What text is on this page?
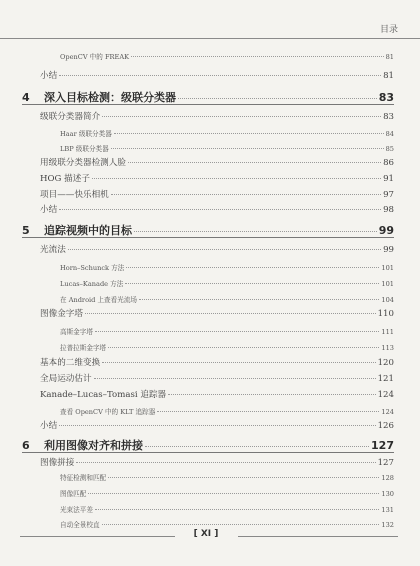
目录
OpenCV 中的 FREAK	81
小结	81
4	深入目标检测：级联分类器	83
级联分类器简介	83
Haar 级联分类器	84
LBP 级联分类器	85
用级联分类器检测人脸	86
HOG 描述子	91
项目——快乐相机	97
小结	98
5	追踪视频中的目标	99
光流法	99
Horn–Schunck 方法	101
Lucas–Kanade 方法	101
在 Android 上查看光流场	104
图像金字塔	110
高斯金字塔	111
拉普拉斯金字塔	113
基本的二维变换	120
全局运动估计	121
Kanade–Lucas–Tomasi 追踪器	124
查看 OpenCV 中的 KLT 追踪器	124
小结	126
6	利用图像对齐和拼接	127
图像拼接	127
特征检测和匹配	128
图像匹配	130
光束法平差	131
自动全景校直	132
[ XI ]
